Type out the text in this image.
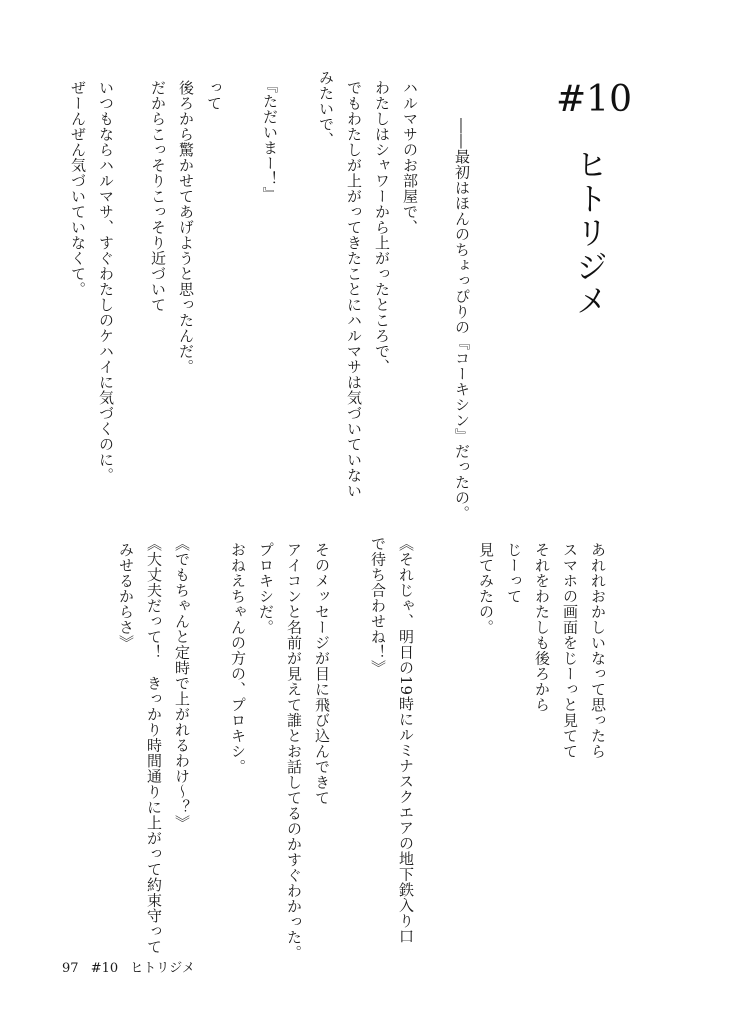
#10
ヒトリジメ
――最初はほんのちょっぴりの『コーキシン』だったの。
ハルマサのお部屋で、
わたしはシャワーから上がったところで、
でもわたしが上がってきたことにハルマサは気づいていない
みたいで、
『ただいまー！』
って
後ろから驚かせてあげようと思ったんだ。
だからこっそりこっそり近づいて
いつもならハルマサ、すぐわたしのケハイに気づくのに。
ぜーんぜん気づいていなくて。
あれれおかしいなって思ったら
スマホの画面をじーっと見てて
それをわたしも後ろから
じーって
見てみたの。
《それじゃ、明日の19時にルミナスクエアの地下鉄入り口
で待ち合わせね！》
そのメッセージが目に飛び込んできて
アイコンと名前が見えて誰とお話してるのかすぐわかった。
プロキシだ。
おねえちゃんの方の、プロキシ。
《でもちゃんと定時で上がれるわけ～？》
《大丈夫だって！　きっかり時間通りに上がって約束守って
みせるからさ》
97 #10 ヒトリジメ
